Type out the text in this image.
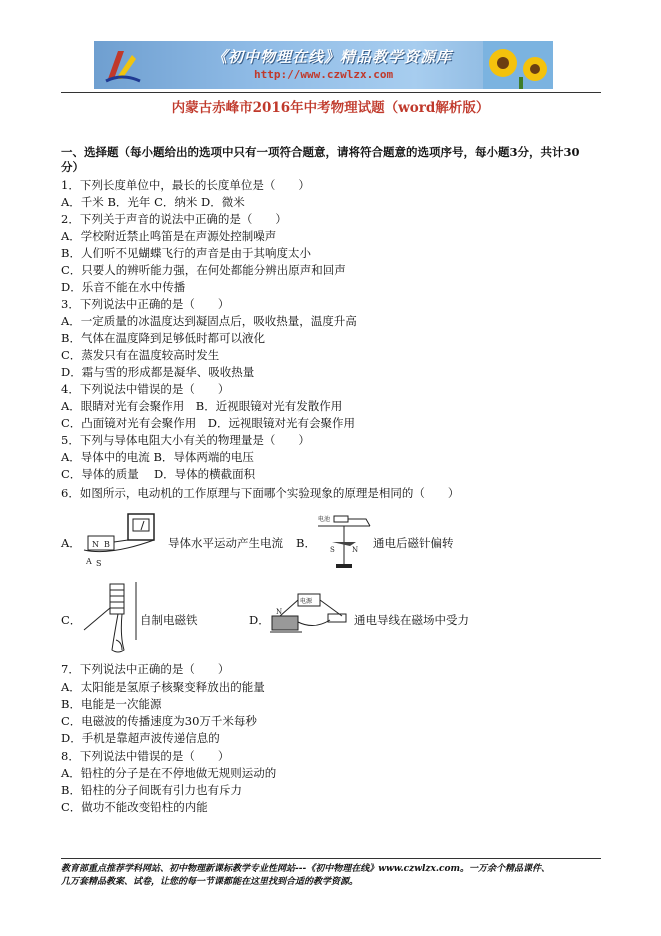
《初中物理在线》精品教学资源库
http://www.czwlzx.com
内蒙古赤峰市2016年中考物理试题（word解析版）
一、选择题（每小题给出的选项中只有一项符合题意，请将符合题意的选项序号，每小题3分，共计30
分）
1．下列长度单位中，最长的长度单位是（　　）
A．千米 B．光年 C．纳米 D．微米
2．下列关于声音的说法中正确的是（　　）
A．学校附近禁止鸣笛是在声源处控制噪声
B．人们听不见蝴蝶飞行的声音是由于其响度太小
C．只要人的辨听能力强，在何处都能分辨出原声和回声
D．乐音不能在水中传播
3．下列说法中正确的是（　　）
A．一定质量的冰温度达到凝固点后，吸收热量，温度升高
B．气体在温度降到足够低时都可以液化
C．蒸发只有在温度较高时发生
D．霜与雪的形成都是凝华、吸收热量
4．下列说法中错误的是（　　）
A．眼睛对光有会聚作用　B．近视眼镜对光有发散作用
C．凸面镜对光有会聚作用　D．远视眼镜对光有会聚作用
5．下列与导体电阻大小有关的物理量是（　　）
A．导体中的电流 B．导体两端的电压
C．导体的质量　 D．导体的横截面积
6．如图所示，电动机的工作原理与下面哪个实验现象的原理是相同的（　　）
A． N B
A S
导体水平运动产生电流 B．
电池
S N 通电后磁针偏转
C．	自制电磁铁	D．
电源
N
通电导线在磁场中受力
7．下列说法中正确的是（　　）
A．太阳能是氢原子核聚变释放出的能量
B．电能是一次能源
C．电磁波的传播速度为30万千米每秒
D．手机是靠超声波传递信息的
8．下列说法中错误的是（　　）
A．铅柱的分子是在不停地做无规则运动的
B．铅柱的分子间既有引力也有斥力
C．做功不能改变铅柱的内能
教育部重点推荐学科网站、初中物理新课标教学专业性网站---《初中物理在线》www.czwlzx.com。一万余个精品课件、
几万套精品教案、试卷，让您的每一节课都能在这里找到合适的教学资源。
